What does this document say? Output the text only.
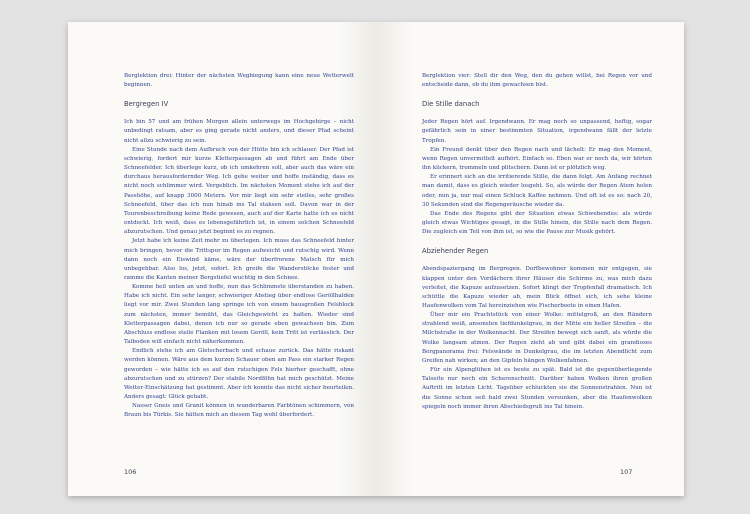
Bergl​ektion drei: Hinter der nächsten Wegbiegung kann eine neue Wetterwelt beginnen.

Bergregen IV

Ich bin 57 und am frühen Morgen allein unterwegs im Hochgebirge – nicht unbedingt ratsam, aber es ging gerade nicht anders, und dieser Pfad scheint nicht allzu schwierig zu sein.

Eine Stunde nach dem Aufbruch von der Hütte bin ich schlauer. Der Pfad ist schwierig, fordert mir kurze Kletterpassagen ab und führt am Ende über Schneefelder. Ich überlege kurz, ob ich umkehren soll, aber auch das wäre ein durchaus herausfordernder Weg. Ich gehe weiter und hoffe inständig, dass es nicht noch schlimmer wird. Vergeblich. Im nächsten Moment stehe ich auf der Passhöhe, auf knapp 3000 Metern. Vor mir liegt ein sehr steiles, sehr großes Schneefeld, über das ich nun hinab ins Tal staksen soll. Davon war in der Tourenbeschreibung keine Rede gewesen, auch auf der Karte hatte ich es nicht entdeckt. Ich weiß, dass es lebensgefährlich ist, in einem solchen Schneefeld abzurutschen. Und genau jetzt beginnt es zu regnen.

Jetzt habe ich keine Zeit mehr zu überlegen. Ich muss das Schneefeld hinter mich bringen, bevor die Trittspur im Regen aufweicht und rutschig wird. Wenn dann noch ein Eiswind käme, wäre der überfrorene Matsch für mich unbegehbar. Also los, jetzt, sofort. Ich greife die Wanderstöcke fester und ramme die Kanten meiner Bergstiefel wuchtig in den Schnee.

Komme heil unten an und hoffe, nun das Schlimmste überstanden zu haben. Habe ich nicht. Ein sehr langer, schwieriger Abstieg über endlose Geröllhalden liegt vor mir. Zwei Stunden lang springe ich von einem hausgroßen Felsblock zum nächsten, immer bemüht, das Gleichgewicht zu halten. Wieder sind Kletterpassagen dabei, denen ich nur so gerade eben gewachsen bin. Zum Abschluss endlose steile Flanken mit losem Geröll, kein Tritt ist verlässlich. Der Talboden will einfach nicht näherkommen.

Endlich stehe ich am Gletscherbach und schaue zurück. Das hätte riskant werden können. Wäre aus dem kurzen Schauer oben am Pass ein starker Regen geworden – wie hätte ich es auf den rutschigen Fels hierher geschafft, ohne abzurutschen und zu stürzen? Der stabile Nordföhn hat mich geschützt. Meine Wetter-Einschätzung hat gestimmt. Aber ich konnte das nicht sicher beurteilen. Anders gesagt: Glück gehabt.

Nasser Gneis und Granit können in wunderbaren Farbtönen schimmern, von Braun bis Türkis. Sie hätten mich an diesem Tag wohl überfordert.

106

Bergl​ektion vier: Stell dir den Weg, den du gehen willst, bei Regen vor und entscheide dann, ob du ihm gewachsen bist.

Die Stille danach

Jeder Regen hört auf. Irgendwann. Er mag noch so unpassend, heftig, sogar gefährlich sein in einer bestimmten Situation, irgendwann fällt der letzte Tropfen.

Ein Freund denkt über den Regen nach und lächelt: Er mag den Moment, wenn Regen unvermittelt aufhört. Einfach so. Eben war er noch da, wir hörten ihn klickern, trommeln und plitschern. Dann ist er plötzlich weg.

Er erinnert sich an die irritierende Stille, die dann folgt. Am Anfang rechnet man damit, dass es gleich wieder losgeht. So, als würde der Regen Atem holen oder, nun ja, nur mal einen Schluck Kaffee nehmen. Und oft ist es so: nach 20, 30 Sekunden sind die Regengeräusche wieder da.

Das Ende des Regens gibt der Situation etwas Schwebendes: als würde gleich etwas Wichtiges gesagt, in die Stille hinein, die Stille nach dem Regen. Die zugleich ein Teil von ihm ist, so wie die Pause zur Musik gehört.

Abziehender Regen

Abendspaziergang im Bergregen. Dorfbewohner kommen mir entgegen, sie klappen unter den Vordächern ihrer Häuser die Schirme zu, was mich dazu verleitet, die Kapuze aufzusetzen. Sofort klingt der Tropfenfall dramatisch. Ich schüttle die Kapuze wieder ab, mein Blick öffnet sich, ich sehe kleine Haufenwolken vom Tal hereinziehen wie Fischerboote in einen Hafen.

Über mir ein Prachtstück von einer Wolke: mittelgroß, an den Rändern strahlend weiß, ansonsten tiefdunkelgrau, in der Mitte ein heller Streifen – die Milchstraße in der Wolkennacht. Der Streifen bewegt sich sanft, als würde die Wolke langsam atmen. Der Regen zieht ab und gibt dabei ein grandioses Bergpanorama frei: Felswände in Dunkelgrau, die im letzten Abendlicht zum Greifen nah wirken; an den Gipfeln hängen Wolkenfahnen.

Für ein Alpenglühen ist es heute zu spät. Bald ist die gegenüberliegende Talseite nur noch ein Scherenschnitt. Darüber haben Wolken ihren großen Auftritt im letzten Licht. Tagsüber schluckten sie die Sonnenstrahlen. Nun ist die Sonne schon seit bald zwei Stunden versunken, aber die Haufenwolken spiegeln noch immer ihren Abschiedsgruß ins Tal hinein.

107
